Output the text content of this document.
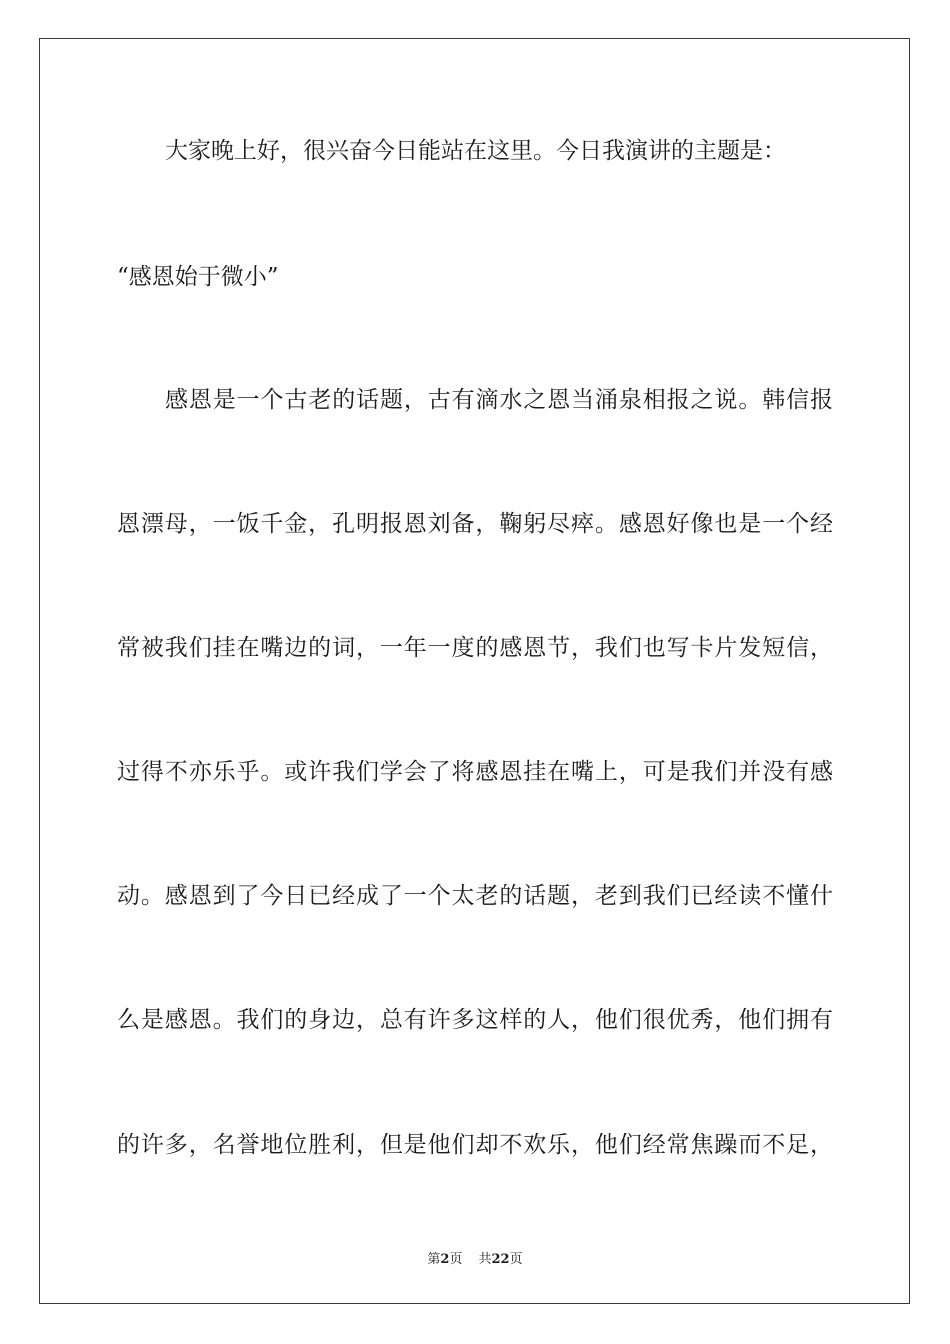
大家晚上好，很兴奋今日能站在这里。今日我演讲的主题是：
“感恩始于微小”
感恩是一个古老的话题，古有滴水之恩当涌泉相报之说。韩信报
恩漂母，一饭千金，孔明报恩刘备，鞠躬尽瘁。感恩好像也是一个经
常被我们挂在嘴边的词，一年一度的感恩节，我们也写卡片发短信，
过得不亦乐乎。或许我们学会了将感恩挂在嘴上，可是我们并没有感
动。感恩到了今日已经成了一个太老的话题，老到我们已经读不懂什
么是感恩。我们的身边，总有许多这样的人，他们很优秀，他们拥有
的许多，名誉地位胜利，但是他们却不欢乐，他们经常焦躁而不足，
第2页 共22页
